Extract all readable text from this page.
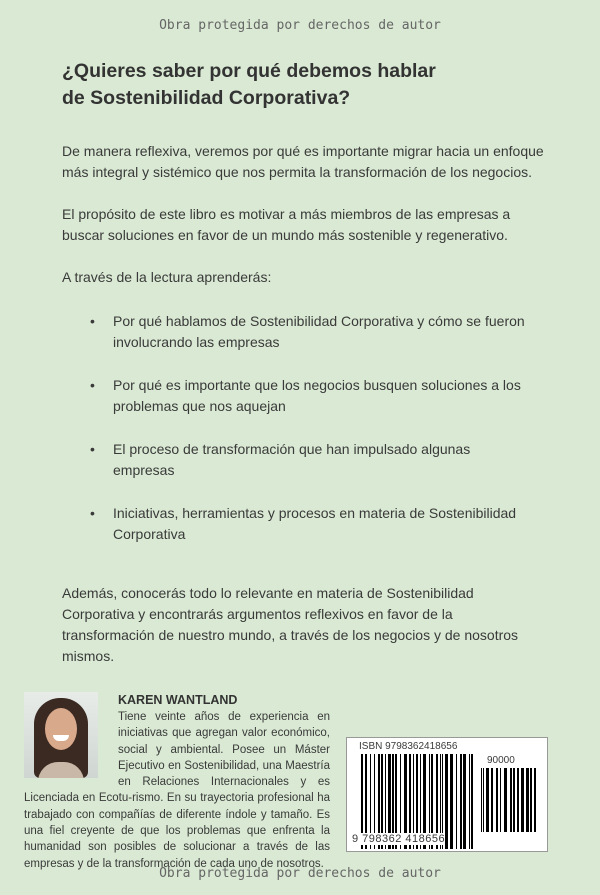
Obra protegida por derechos de autor
¿Quieres saber por qué debemos hablar
de Sostenibilidad Corporativa?
De manera reflexiva, veremos por qué es importante migrar hacia un enfoque más integral y sistémico que nos permita la transformación de los negocios.
El propósito de este libro es motivar a más miembros de las empresas a buscar soluciones en favor de un mundo más sostenible y regenerativo.
A través de la lectura aprenderás:
• Por qué hablamos de Sostenibilidad Corporativa y cómo se fueron involucrando las empresas
• Por qué es importante que los negocios busquen soluciones a los problemas que nos aquejan
• El proceso de transformación que han impulsado algunas empresas
• Iniciativas, herramientas y procesos en materia de Sostenibilidad Corporativa
Además, conocerás todo lo relevante en materia de Sostenibilidad Corporativa y encontrarás argumentos reflexivos en favor de la transformación de nuestro mundo, a través de los negocios y de nosotros mismos.
KAREN WANTLAND
Tiene veinte años de experiencia en iniciativas que agregan valor económico, social y ambiental. Posee un Máster Ejecutivo en Sostenibilidad, una Maestría en Relaciones Internacionales y es Licenciada en Ecotu-rismo. En su trayectoria profesional ha trabajado con compañías de diferente índole y tamaño. Es una fiel creyente de que los problemas que enfrenta la humanidad son posibles de solucionar a través de las empresas y de la transformación de cada uno de nosotros.
ISBN 9798362418656
90000
9 798362 418656
Obra protegida por derechos de autor
